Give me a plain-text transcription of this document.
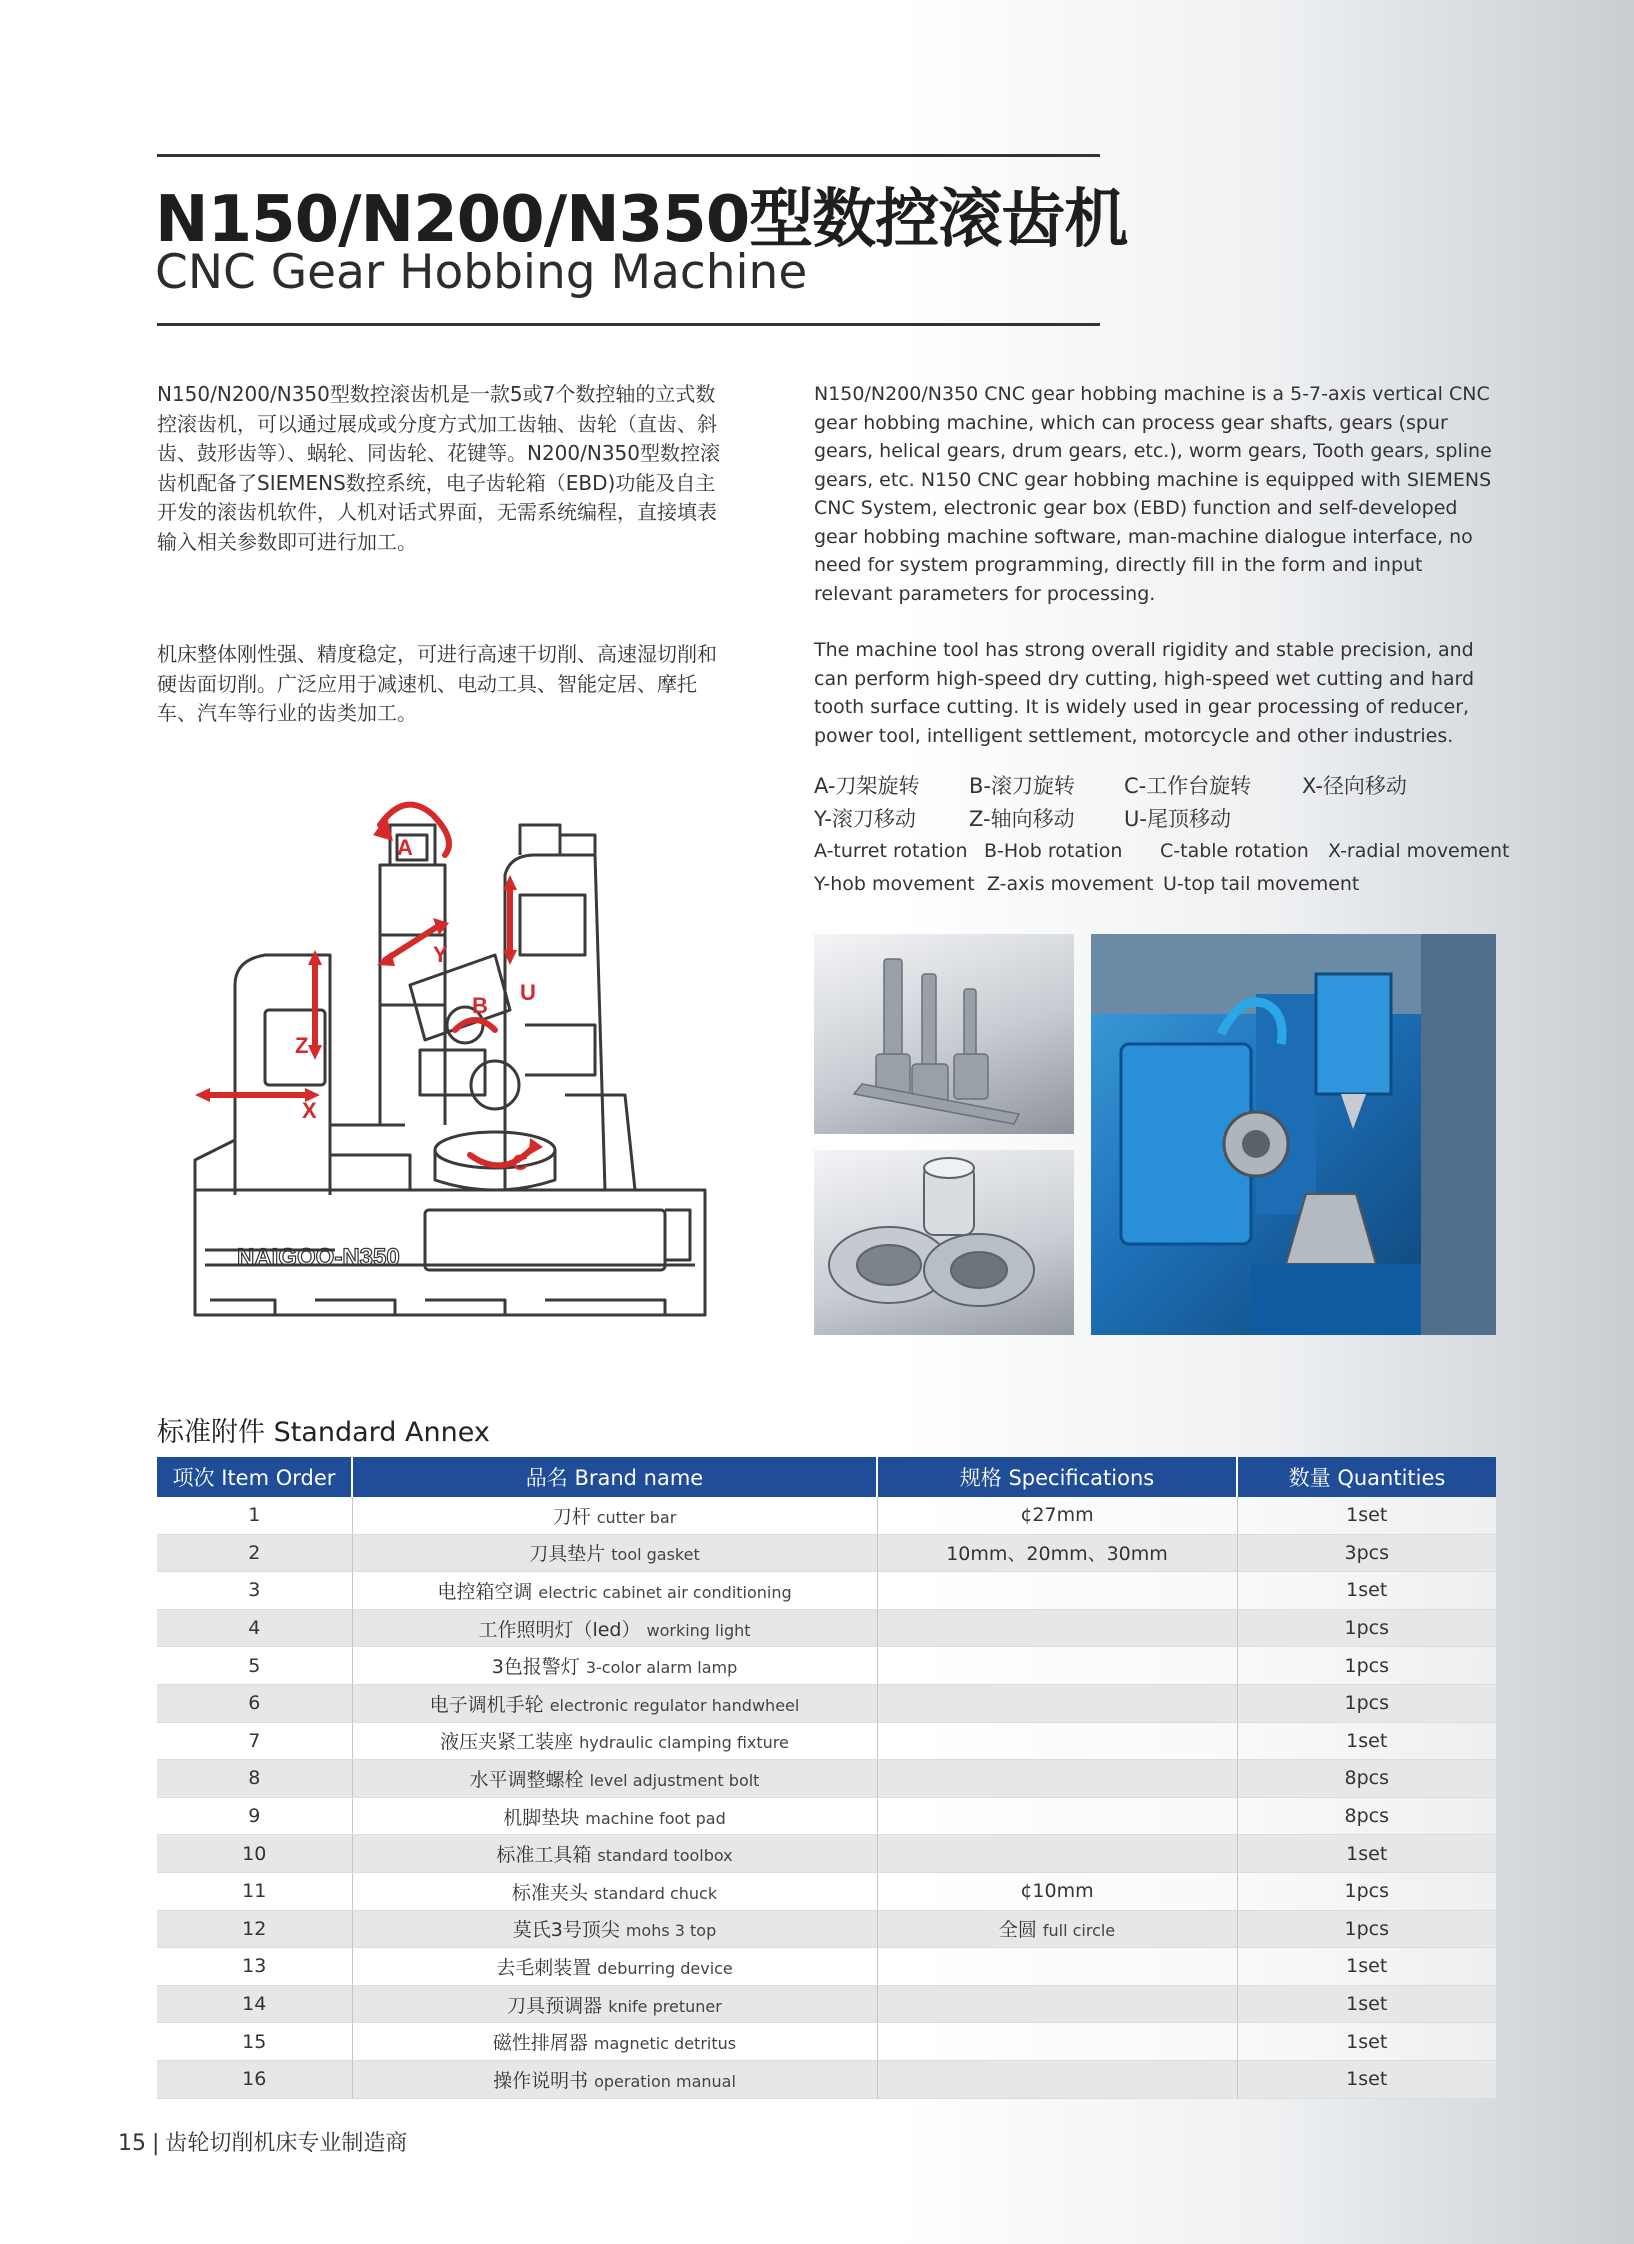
N150/N200/N350型数控滚齿机
CNC Gear Hobbing Machine
N150/N200/N350型数控滚齿机是一款5或7个数控轴的立式数控滚齿机，可以通过展成或分度方式加工齿轴、齿轮（直齿、斜齿、鼓形齿等）、蜗轮、同齿轮、花键等。N200/N350型数控滚齿机配备了SIEMENS数控系统，电子齿轮箱（EBD)功能及自主开发的滚齿机软件，人机对话式界面，无需系统编程，直接填表输入相关参数即可进行加工。
机床整体刚性强、精度稳定，可进行高速干切削、高速湿切削和硬齿面切削。广泛应用于减速机、电动工具、智能定居、摩托车、汽车等行业的齿类加工。
N150/N200/N350 CNC gear hobbing machine is a 5-7-axis vertical CNC gear hobbing machine, which can process gear shafts, gears (spur gears, helical gears, drum gears, etc.), worm gears, Tooth gears, spline gears, etc. N150 CNC gear hobbing machine is equipped with SIEMENS CNC System, electronic gear box (EBD) function and self-developed gear hobbing machine software, man-machine dialogue interface, no need for system programming, directly fill in the form and input relevant parameters for processing.
The machine tool has strong overall rigidity and stable precision, and can perform high-speed dry cutting, high-speed wet cutting and hard tooth surface cutting. It is widely used in gear processing of reducer, power tool, intelligent settlement, motorcycle and other industries.
A-刀架旋转 B-滚刀旋转 C-工作台旋转 X-径向移动
Y-滚刀移动	Z-轴向移动 U-尾顶移动
A-turret rotation B-Hob rotation C-table rotation X-radial movement
Y-hob movement Z-axis movement U-top tail movement
A
Y
U
Z
X
B
C
NAIGOO-N350
标准附件 Standard Annex
项次 Item Order	品名 Brand name	规格 Specifications	数量 Quantities
1	刀杆 cutter bar	¢27mm	1set
2	刀具垫片 tool gasket	10mm、20mm、30mm	3pcs
3	电控箱空调 electric cabinet air conditioning		1set
4	工作照明灯（led） working light		1pcs
5	3色报警灯 3-color alarm lamp		1pcs
6	电子调机手轮 electronic regulator handwheel		1pcs
7	液压夹紧工装座 hydraulic clamping fixture		1set
8	水平调整螺栓 level adjustment bolt		8pcs
9	机脚垫块 machine foot pad		8pcs
10	标准工具箱 standard toolbox		1set
11	标准夹头 standard chuck	¢10mm	1pcs
12	莫氏3号顶尖 mohs 3 top	全圆 full circle	1pcs
13	去毛刺装置 deburring device		1set
14	刀具预调器 knife pretuner		1set
15	磁性排屑器 magnetic detritus		1set
16	操作说明书 operation manual		1set
15 | 齿轮切削机床专业制造商
